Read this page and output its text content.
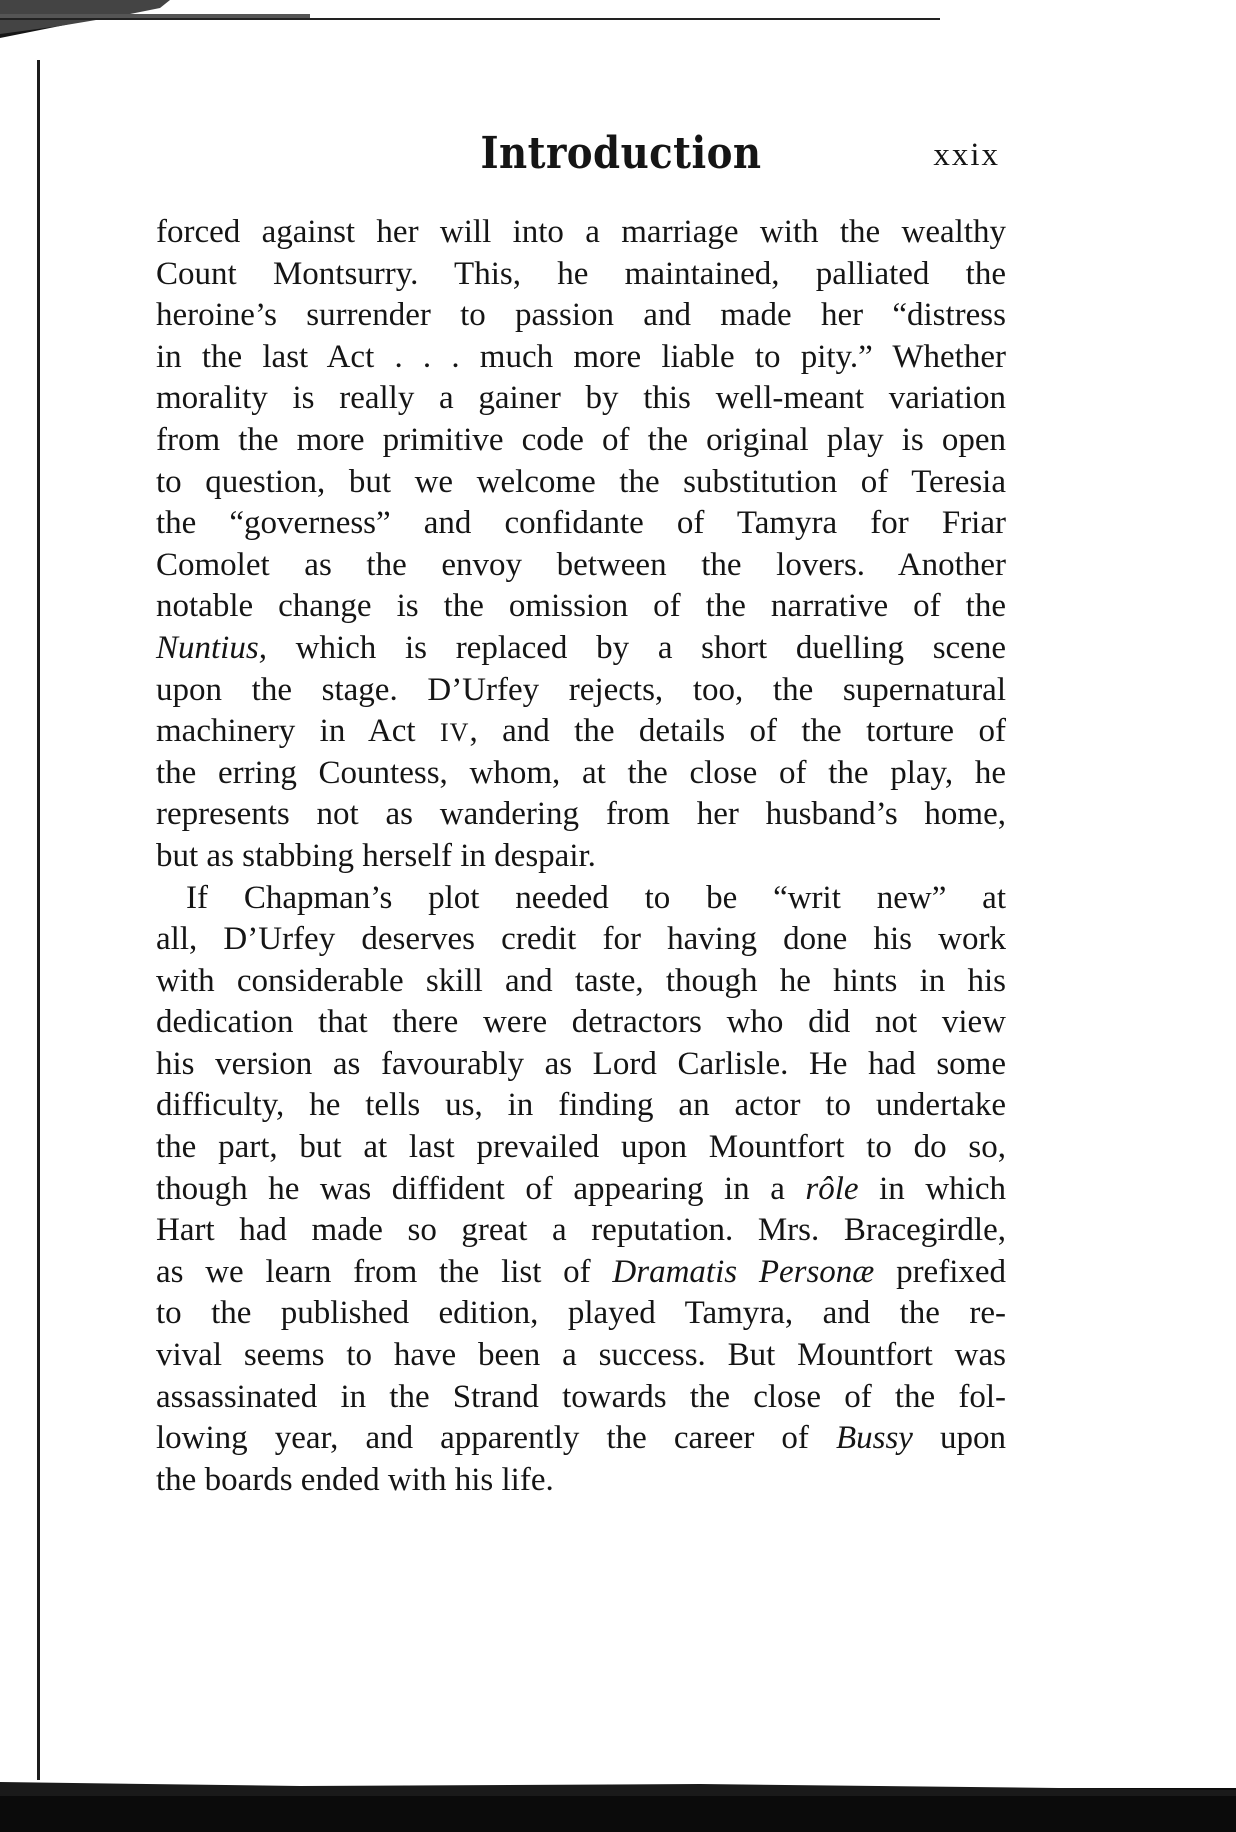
Introduction	xxix
forced against her will into a marriage with the wealthy
Count Montsurry. This, he maintained, palliated the
heroine’s surrender to passion and made her “distress
in the last Act . . . much more liable to pity.” Whether
morality is really a gainer by this well-meant variation
from the more primitive code of the original play is open
to question, but we welcome the substitution of Teresia
the “governess” and confidante of Tamyra for Friar
Comolet as the envoy between the lovers. Another
notable change is the omission of the narrative of the
Nuntius, which is replaced by a short duelling scene
upon the stage. D’Urfey rejects, too, the supernatural
machinery in Act IV, and the details of the torture of
the erring Countess, whom, at the close of the play, he
represents not as wandering from her husband’s home,
but as stabbing herself in despair.
If Chapman’s plot needed to be “writ new” at
all, D’Urfey deserves credit for having done his work
with considerable skill and taste, though he hints in his
dedication that there were detractors who did not view
his version as favourably as Lord Carlisle. He had some
difficulty, he tells us, in finding an actor to undertake
the part, but at last prevailed upon Mountfort to do so,
though he was diffident of appearing in a rôle in which
Hart had made so great a reputation. Mrs. Bracegirdle,
as we learn from the list of Dramatis Personæ prefixed
to the published edition, played Tamyra, and the re-
vival seems to have been a success. But Mountfort was
assassinated in the Strand towards the close of the fol-
lowing year, and apparently the career of Bussy upon
the boards ended with his life.
